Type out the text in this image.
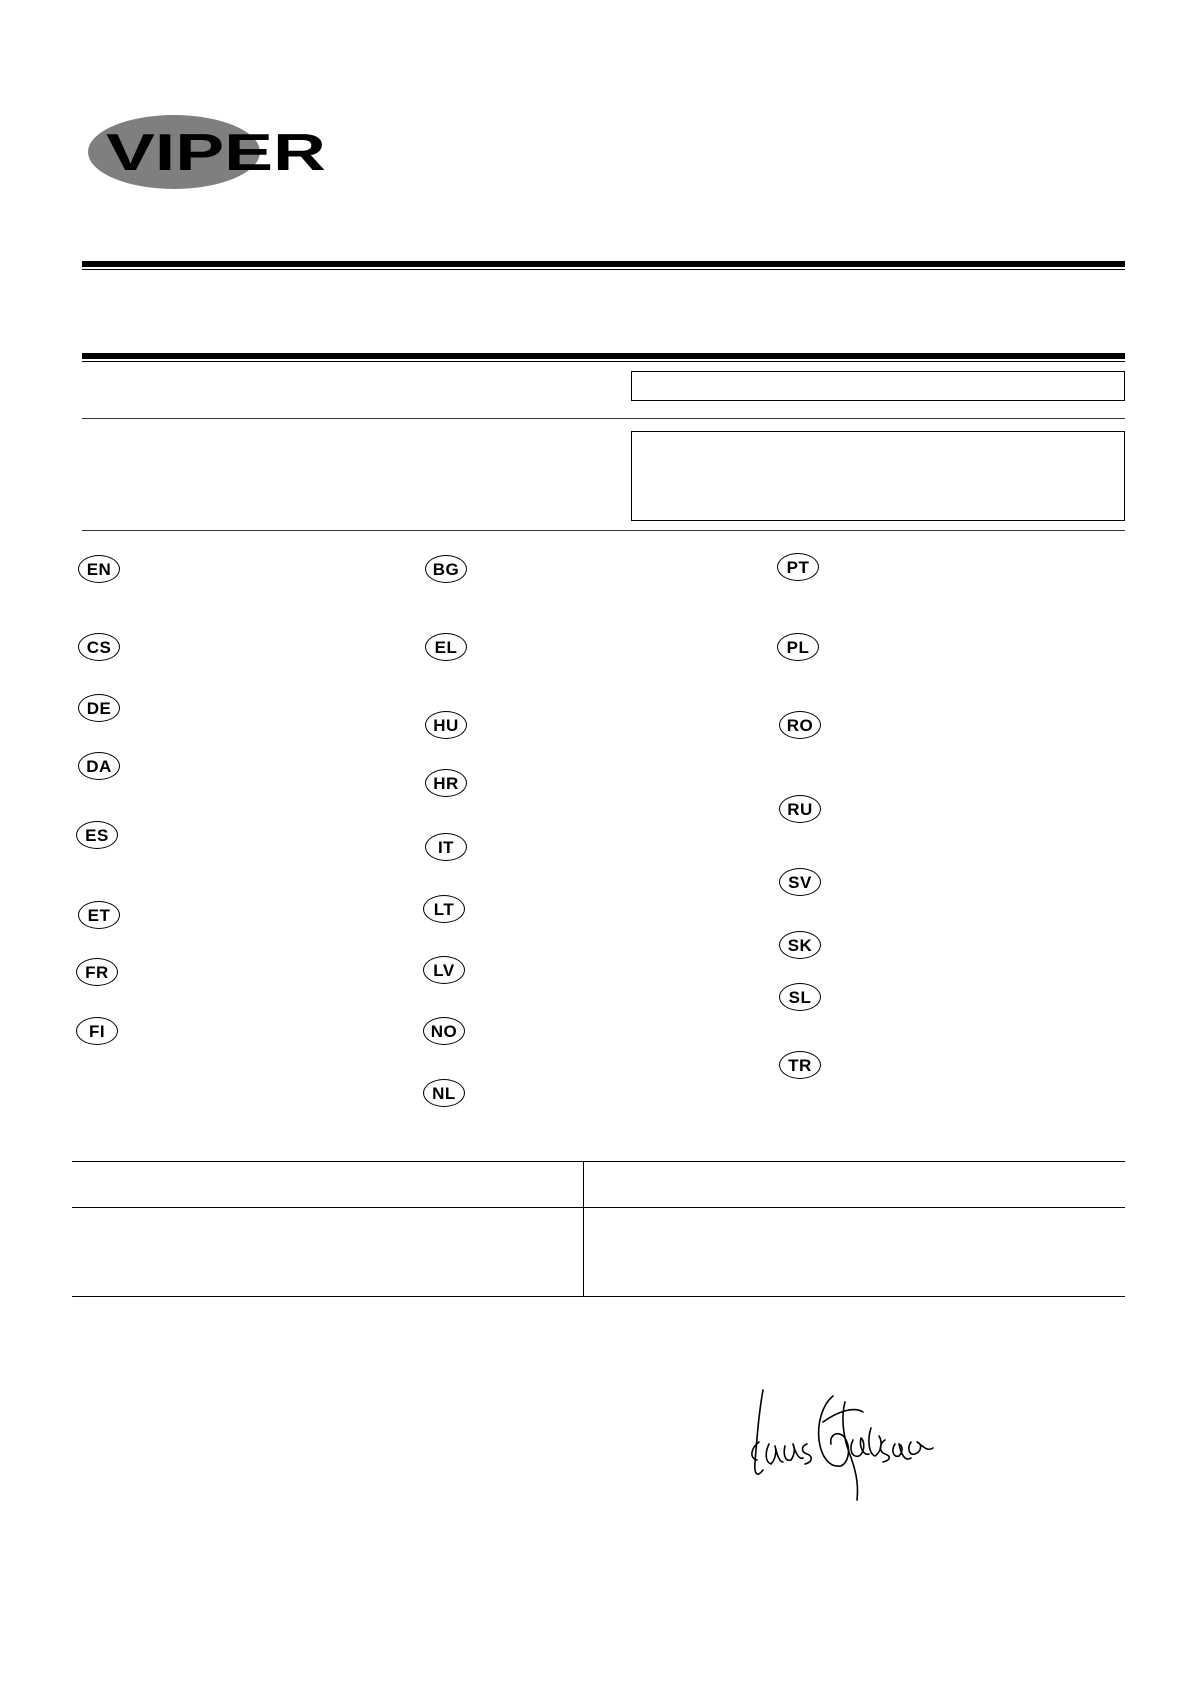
VIPER
EN
CS
DE
DA
ES
ET
FR
FI
BG
EL
HU
HR
IT
LT
LV
NO
NL
PT
PL
RO
RU
SV
SK
SL
TR
